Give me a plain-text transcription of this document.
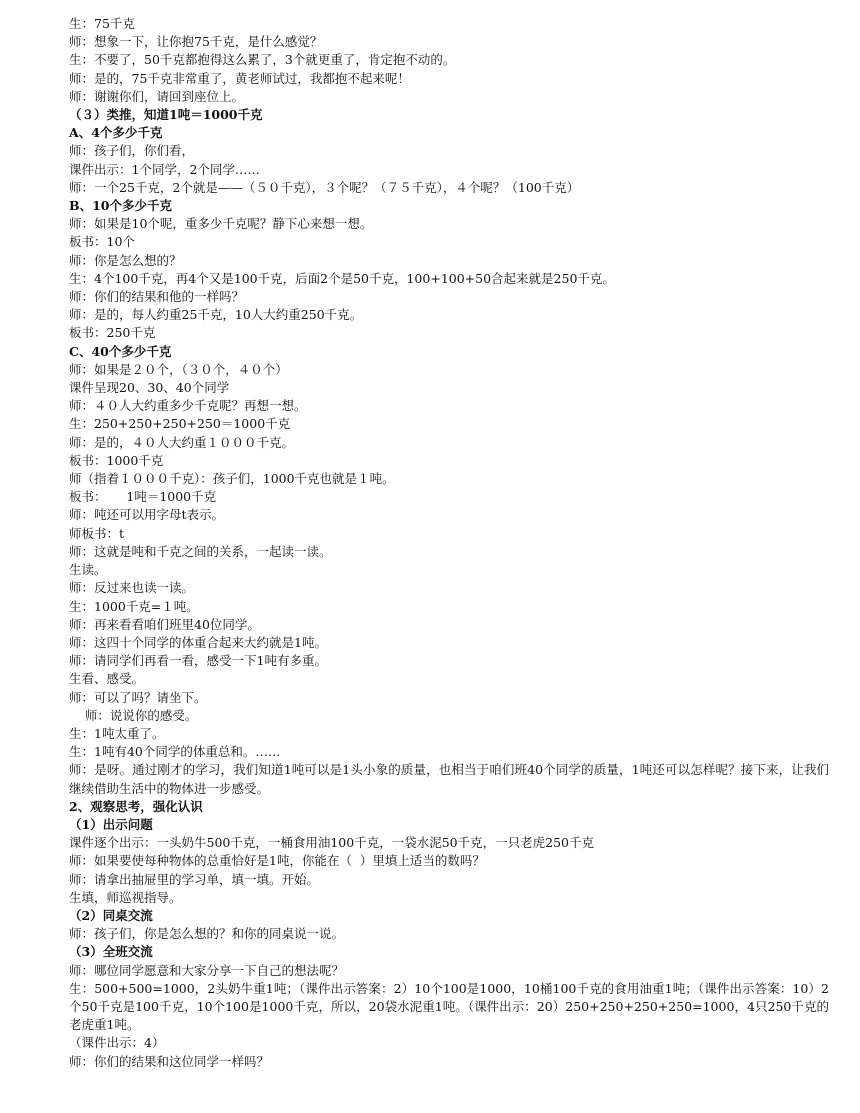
生：75千克
师：想象一下，让你抱75千克，是什么感觉？
生：不要了，50千克都抱得这么累了，3个就更重了，肯定抱不动的。
师：是的，75千克非常重了，黄老师试过，我都抱不起来呢！
师：谢谢你们，请回到座位上。
（３）类推，知道1吨＝1000千克
A、4个多少千克
师：孩子们，你们看，
课件出示：1个同学，2个同学……
师：一个25千克，2个就是——（５０千克），３个呢？（７５千克），４个呢？（100千克）
B、10个多少千克
师：如果是10个呢，重多少千克呢？静下心来想一想。
板书：10个
师：你是怎么想的？
生：4个100千克，再4个又是100千克，后面2个是50千克，100+100+50合起来就是250千克。
师：你们的结果和他的一样吗？
师：是的，每人约重25千克，10人大约重250千克。
板书：250千克
C、40个多少千克
师：如果是２０个，（３０个，４０个）
课件呈现20、30、40个同学
师：４０人大约重多少千克呢？再想一想。
生：250+250+250+250＝1000千克
师：是的，４０人大约重１０００千克。
板书：1000千克
师（指着１０００千克）：孩子们，1000千克也就是１吨。
板书：     1吨＝1000千克
师：吨还可以用字母t表示。
师板书：t
师：这就是吨和千克之间的关系，一起读一读。
生读。
师：反过来也读一读。
生：1000千克=１吨。
师：再来看看咱们班里40位同学。
师：这四十个同学的体重合起来大约就是1吨。
师：请同学们再看一看，感受一下1吨有多重。
生看、感受。
师：可以了吗？请坐下。
师：说说你的感受。
生：1吨太重了。
生：1吨有40个同学的体重总和。……
师：是呀。通过刚才的学习，我们知道1吨可以是1头小象的质量，也相当于咱们班40个同学的质量，1吨还可以怎样呢？接下来，让我们继续借助生活中的物体进一步感受。
2、观察思考，强化认识
（1）出示问题
课件逐个出示：一头奶牛500千克，一桶食用油100千克，一袋水泥50千克，一只老虎250千克
师：如果要使每种物体的总重恰好是1吨，你能在（  ）里填上适当的数吗？
师：请拿出抽屉里的学习单，填一填。开始。
生填，师巡视指导。
（2）同桌交流
师：孩子们，你是怎么想的？和你的同桌说一说。
（3）全班交流
师：哪位同学愿意和大家分享一下自己的想法呢？
生：500+500=1000，2头奶牛重1吨；（课件出示答案：2）10个100是1000，10桶100千克的食用油重1吨；（课件出示答案：10）2个50千克是100千克，10个100是1000千克，所以，20袋水泥重1吨。（课件出示：20）250+250+250+250=1000，4只250千克的老虎重1吨。
（课件出示：4）
师：你们的结果和这位同学一样吗？
